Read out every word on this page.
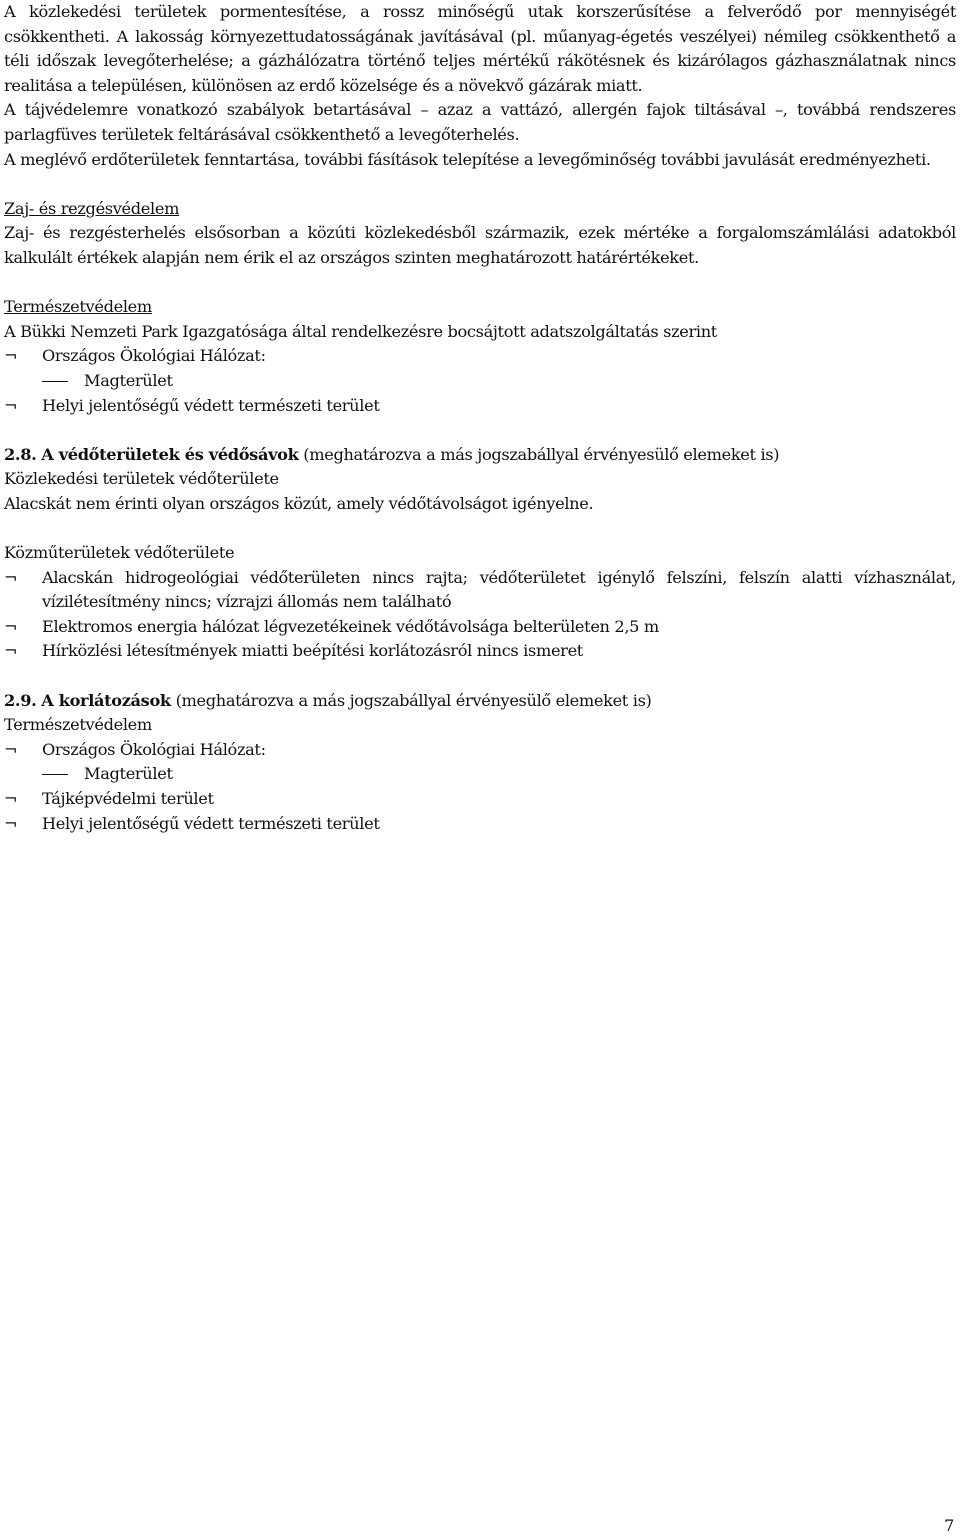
A közlekedési területek pormentesítése, a rossz minőségű utak korszerűsítése a felverődő por mennyiségét csökkentheti. A lakosság környezettudatosságának javításával (pl. műanyag-égetés veszélyei) némileg csökkenthető a téli időszak levegőterhelése; a gázhálózatra történő teljes mértékű rákötésnek és kizárólagos gázhasználatnak nincs realitása a településen, különösen az erdő közelsége és a növekvő gázárak miatt.

A tájvédelemre vonatkozó szabályok betartásával – azaz a vattázó, allergén fajok tiltásával –, továbbá rendszeres parlagfüves területek feltárásával csökkenthető a levegőterhelés.

A meglévő erdőterületek fenntartása, további fásítások telepítése a levegőminőség további javulását eredményezheti.

Zaj- és rezgésvédelem

Zaj- és rezgésterhelés elsősorban a közúti közlekedésből származik, ezek mértéke a forgalomszámlálási adatokból kalkulált értékek alapján nem érik el az országos szinten meghatározott határértékeket.

Természetvédelem

A Bükki Nemzeti Park Igazgatósága által rendelkezésre bocsájtott adatszolgáltatás szerint

¬	Országos Ökológiai Hálózat:
Magterület
¬	Helyi jelentőségű védett természeti terület

2.8. A védőterületek és védősávok (meghatározva a más jogszabállyal érvényesülő elemeket is)

Közlekedési területek védőterülete

Alacskát nem érinti olyan országos közút, amely védőtávolságot igényelne.

Közműterületek védőterülete

¬	Alacskán hidrogeológiai védőterületen nincs rajta; védőterületet igénylő felszíni, felszín alatti vízhasználat, vízilétesítmény nincs; vízrajzi állomás nem található
¬	Elektromos energia hálózat légvezetékeinek védőtávolsága belterületen 2,5 m
¬	Hírközlési létesítmények miatti beépítési korlátozásról nincs ismeret

2.9. A korlátozások (meghatározva a más jogszabállyal érvényesülő elemeket is)

Természetvédelem

¬	Országos Ökológiai Hálózat:
Magterület
¬	Tájképvédelmi terület
¬	Helyi jelentőségű védett természeti terület
7
